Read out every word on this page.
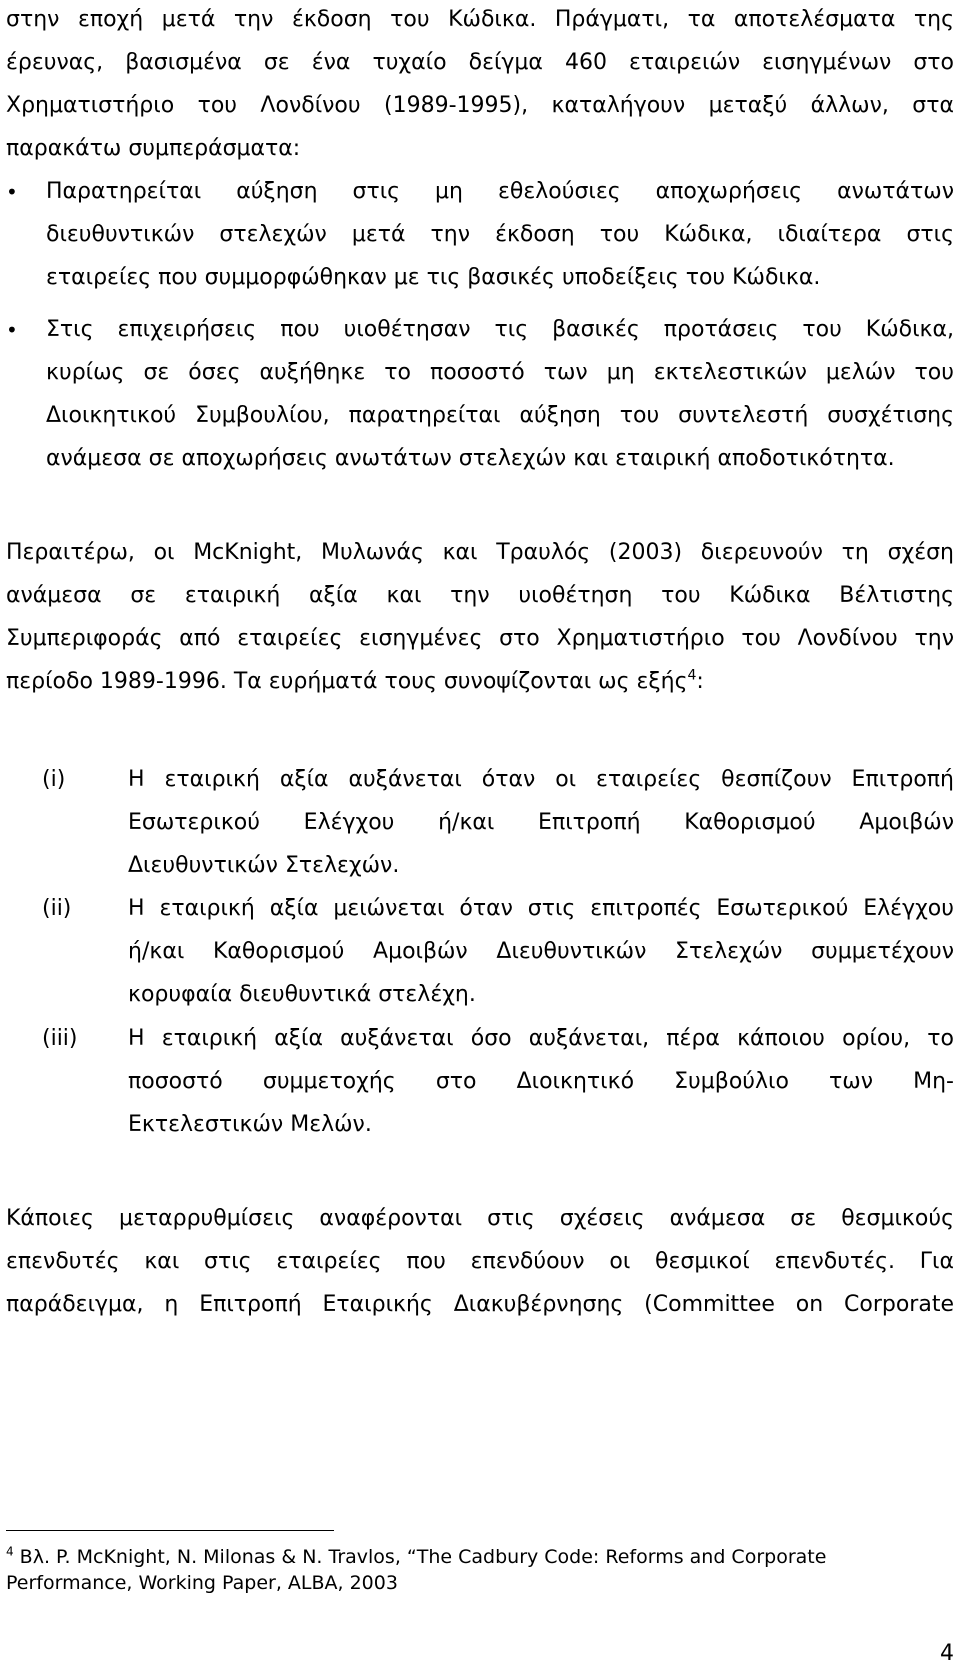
στην εποχή μετά την έκδοση του Κώδικα. Πράγματι, τα αποτελέσματα της

έρευνας, βασισμένα σε ένα τυχαίο δείγμα 460 εταιρειών εισηγμένων στο

Χρηματιστήριο του Λονδίνου (1989-1995), καταλήγουν μεταξύ άλλων, στα

παρακάτω συμπεράσματα:

• Παρατηρείται αύξηση στις μη εθελούσιες αποχωρήσεις ανωτάτων

διευθυντικών στελεχών μετά την έκδοση του Κώδικα, ιδιαίτερα στις

εταιρείες που συμμορφώθηκαν με τις βασικές υποδείξεις του Κώδικα.

• Στις επιχειρήσεις που υιοθέτησαν τις βασικές προτάσεις του Κώδικα,

κυρίως σε όσες αυξήθηκε το ποσοστό των μη εκτελεστικών μελών του

Διοικητικού Συμβουλίου, παρατηρείται αύξηση του συντελεστή συσχέτισης

ανάμεσα σε αποχωρήσεις ανωτάτων στελεχών και εταιρική αποδοτικότητα.

Περαιτέρω, οι McKnight, Μυλωνάς και Τραυλός (2003) διερευνούν τη σχέση

ανάμεσα σε εταιρική αξία και την υιοθέτηση του Κώδικα Βέλτιστης

Συμπεριφοράς από εταιρείες εισηγμένες στο Χρηματιστήριο του Λονδίνου την

περίοδο 1989-1996. Τα ευρήματά τους συνοψίζονται ως εξής$^4$:

(i)	Η εταιρική αξία αυξάνεται όταν οι εταιρείες θεσπίζουν Επιτροπή

Εσωτερικού Ελέγχου ή/και Επιτροπή Καθορισμού Αμοιβών

Διευθυντικών Στελεχών.

(ii)	Η εταιρική αξία μειώνεται όταν στις επιτροπές Εσωτερικού Ελέγχου

ή/και Καθορισμού Αμοιβών Διευθυντικών Στελεχών συμμετέχουν

κορυφαία διευθυντικά στελέχη.

(iii) Η εταιρική αξία αυξάνεται όσο αυξάνεται, πέρα κάποιου ορίου, το

ποσοστό συμμετοχής στο Διοικητικό Συμβούλιο των Μη-

Εκτελεστικών Μελών.

Κάποιες μεταρρυθμίσεις αναφέρονται στις σχέσεις ανάμεσα σε θεσμικούς

επενδυτές και στις εταιρείες που επενδύουν οι θεσμικοί επενδυτές. Για

παράδειγμα, η Επιτροπή Εταιρικής Διακυβέρνησης (Committee on Corporate

$^4$ Βλ. P. McKnight, N. Milonas & N. Travlos, “The Cadbury Code: Reforms and Corporate

Performance, Working Paper, ALBA, 2003

4
